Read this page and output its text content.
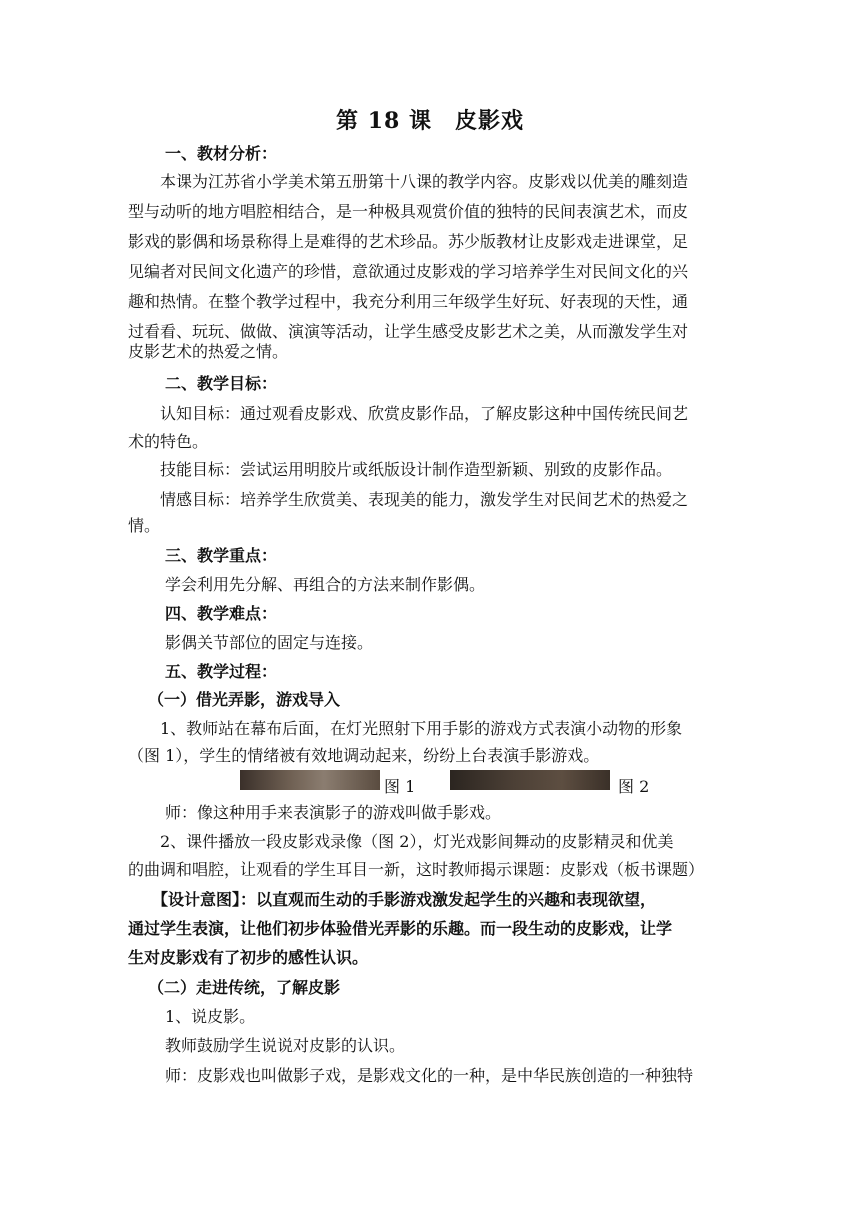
第 18 课　皮影戏
一、教材分析：
　　本课为江苏省小学美术第五册第十八课的教学内容。皮影戏以优美的雕刻造
型与动听的地方唱腔相结合，是一种极具观赏价值的独特的民间表演艺术，而皮
影戏的影偶和场景称得上是难得的艺术珍品。苏少版教材让皮影戏走进课堂，足
见编者对民间文化遗产的珍惜，意欲通过皮影戏的学习培养学生对民间文化的兴
趣和热情。在整个教学过程中，我充分利用三年级学生好玩、好表现的天性，通
过看看、玩玩、做做、演演等活动，让学生感受皮影艺术之美，从而激发学生对
皮影艺术的热爱之情。
二、教学目标：
　　认知目标：通过观看皮影戏、欣赏皮影作品，了解皮影这种中国传统民间艺
术的特色。
　　技能目标：尝试运用明胶片或纸版设计制作造型新颖、别致的皮影作品。
　　情感目标：培养学生欣赏美、表现美的能力，激发学生对民间艺术的热爱之
情。
三、教学重点：
学会利用先分解、再组合的方法来制作影偶。
四、教学难点：
影偶关节部位的固定与连接。
五、教学过程：
（一）借光弄影，游戏导入
　　1、教师站在幕布后面，在灯光照射下用手影的游戏方式表演小动物的形象
（图 1），学生的情绪被有效地调动起来，纷纷上台表演手影游戏。
图 1	图 2
师：像这种用手来表演影子的游戏叫做手影戏。
　　2、课件播放一段皮影戏录像（图 2），灯光戏影间舞动的皮影精灵和优美
的曲调和唱腔，让观看的学生耳目一新，这时教师揭示课题：皮影戏（板书课题）
　　【设计意图】：以直观而生动的手影游戏激发起学生的兴趣和表现欲望，
通过学生表演，让他们初步体验借光弄影的乐趣。而一段生动的皮影戏，让学
生对皮影戏有了初步的感性认识。
（二）走进传统，了解皮影
1、说皮影。
教师鼓励学生说说对皮影的认识。
师：皮影戏也叫做影子戏，是影戏文化的一种，是中华民族创造的一种独特
